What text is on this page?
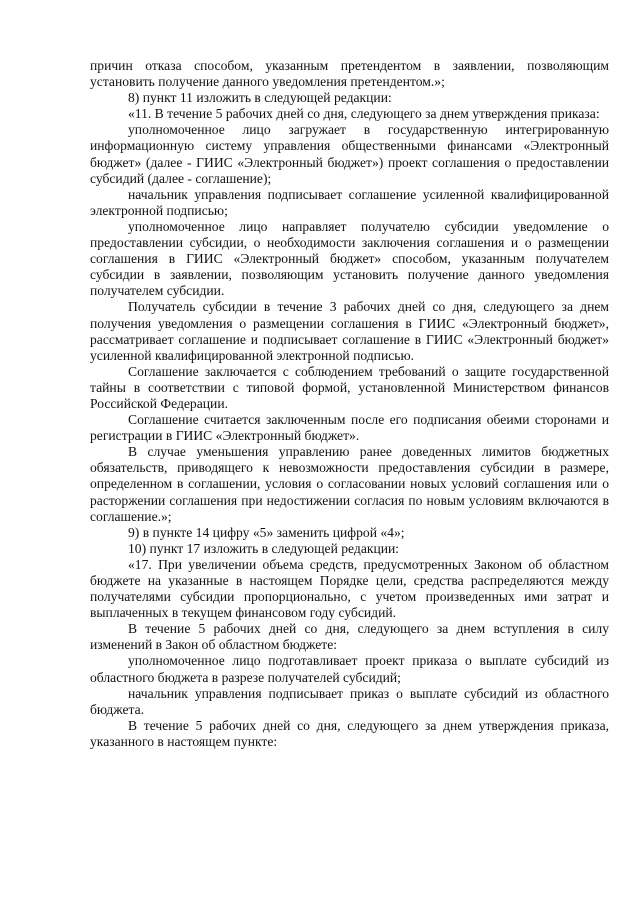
причин отказа способом, указанным претендентом в заявлении, позволяющим установить получение данного уведомления претендентом.»;

8) пункт 11 изложить в следующей редакции:

«11. В течение 5 рабочих дней со дня, следующего за днем утверждения приказа:

уполномоченное лицо загружает в государственную интегрированную информационную систему управления общественными финансами «Электронный бюджет» (далее - ГИИС «Электронный бюджет») проект соглашения о предоставлении субсидий (далее - соглашение);

начальник управления подписывает соглашение усиленной квалифицированной электронной подписью;

уполномоченное лицо направляет получателю субсидии уведомление о предоставлении субсидии, о необходимости заключения соглашения и о размещении соглашения в ГИИС «Электронный бюджет» способом, указанным получателем субсидии в заявлении, позволяющим установить получение данного уведомления получателем субсидии.

Получатель субсидии в течение 3 рабочих дней со дня, следующего за днем получения уведомления о размещении соглашения в ГИИС «Электронный бюджет», рассматривает соглашение и подписывает соглашение в ГИИС «Электронный бюджет» усиленной квалифицированной электронной подписью.

Соглашение заключается с соблюдением требований о защите государственной тайны в соответствии с типовой формой, установленной Министерством финансов Российской Федерации.

Соглашение считается заключенным после его подписания обеими сторонами и регистрации в ГИИС «Электронный бюджет».

В случае уменьшения управлению ранее доведенных лимитов бюджетных обязательств, приводящего к невозможности предоставления субсидии в размере, определенном в соглашении, условия о согласовании новых условий соглашения или о расторжении соглашения при недостижении согласия по новым условиям включаются в соглашение.»;

9) в пункте 14 цифру «5» заменить цифрой «4»;

10) пункт 17 изложить в следующей редакции:

«17. При увеличении объема средств, предусмотренных Законом об областном бюджете на указанные в настоящем Порядке цели, средства распределяются между получателями субсидии пропорционально, с учетом произведенных ими затрат и выплаченных в текущем финансовом году субсидий.

В течение 5 рабочих дней со дня, следующего за днем вступления в силу изменений в Закон об областном бюджете:

уполномоченное лицо подготавливает проект приказа о выплате субсидий из областного бюджета в разрезе получателей субсидий;

начальник управления подписывает приказ о выплате субсидий из областного бюджета.

В течение 5 рабочих дней со дня, следующего за днем утверждения приказа, указанного в настоящем пункте:
